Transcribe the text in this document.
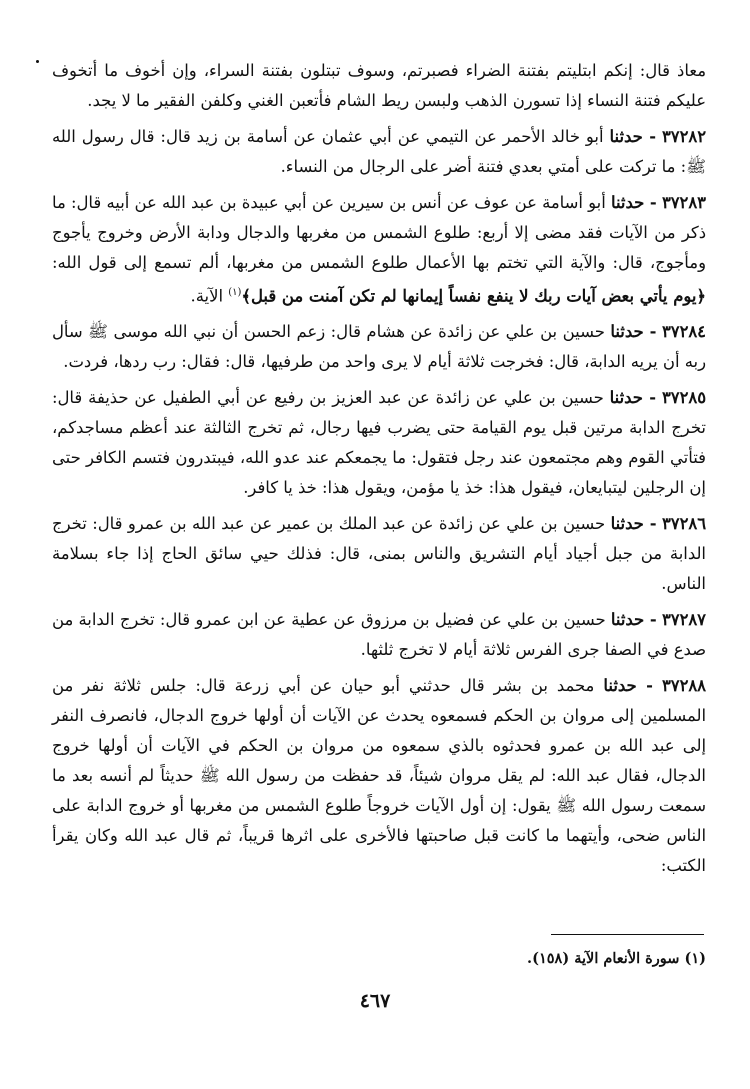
معاذ قال: إنكم ابتليتم بفتنة الضراء فصبرتم، وسوف تبتلون بفتنة السراء، وإن أخوف ما أتخوف عليكم فتنة النساء إذا تسورن الذهب ولبسن ريط الشام فأتعبن الغني وكلفن الفقير ما لا يجد.

٣٧٢٨٢ - حدثنا أبو خالد الأحمر عن التيمي عن أبي عثمان عن أسامة بن زيد قال: قال رسول الله ﷺ: ما تركت على أمتي بعدي فتنة أضر على الرجال من النساء.

٣٧٢٨٣ - حدثنا أبو أسامة عن عوف عن أنس بن سيرين عن أبي عبيدة بن عبد الله عن أبيه قال: ما ذكر من الآيات فقد مضى إلا أربع: طلوع الشمس من مغربها والدجال ودابة الأرض وخروج يأجوج ومأجوج، قال: والآية التي تختم بها الأعمال طلوع الشمس من مغربها، ألم تسمع إلى قول الله: ﴿يوم يأتي بعض آيات ربك لا ينفع نفساً إيمانها لم تكن آمنت من قبل﴾$^{(١)}$ الآية.

٣٧٢٨٤ - حدثنا حسين بن علي عن زائدة عن هشام قال: زعم الحسن أن نبي الله موسى ﷺ سأل ربه أن يريه الدابة، قال: فخرجت ثلاثة أيام لا يرى واحد من طرفيها، قال: فقال: رب ردها، فردت.

٣٧٢٨٥ - حدثنا حسين بن علي عن زائدة عن عبد العزيز بن رفيع عن أبي الطفيل عن حذيفة قال: تخرج الدابة مرتين قبل يوم القيامة حتى يضرب فيها رجال، ثم تخرج الثالثة عند أعظم مساجدكم، فتأتي القوم وهم مجتمعون عند رجل فتقول: ما يجمعكم عند عدو الله، فيبتدرون فتسم الكافر حتى إن الرجلين ليتبايعان، فيقول هذا: خذ يا مؤمن، ويقول هذا: خذ يا كافر.

٣٧٢٨٦ - حدثنا حسين بن علي عن زائدة عن عبد الملك بن عمير عن عبد الله بن عمرو قال: تخرج الدابة من جبل أجياد أيام التشريق والناس بمنى، قال: فذلك حيي سائق الحاج إذا جاء بسلامة الناس.

٣٧٢٨٧ - حدثنا حسين بن علي عن فضيل بن مرزوق عن عطية عن ابن عمرو قال: تخرج الدابة من صدع في الصفا جرى الفرس ثلاثة أيام لا تخرج ثلثها.

٣٧٢٨٨ - حدثنا محمد بن بشر قال حدثني أبو حيان عن أبي زرعة قال: جلس ثلاثة نفر من المسلمين إلى مروان بن الحكم فسمعوه يحدث عن الآيات أن أولها خروج الدجال، فانصرف النفر إلى عبد الله بن عمرو فحدثوه بالذي سمعوه من مروان بن الحكم في الآيات أن أولها خروج الدجال، فقال عبد الله: لم يقل مروان شيئاً، قد حفظت من رسول الله ﷺ حديثاً لم أنسه بعد ما سمعت رسول الله ﷺ يقول: إن أول الآيات خروجاً طلوع الشمس من مغربها أو خروج الدابة على الناس ضحى، وأيتهما ما كانت قبل صاحبتها فالأخرى على اثرها قريباً، ثم قال عبد الله وكان يقرأ الكتب:

(١) سورة الأنعام الآية (١٥٨).
٤٦٧
